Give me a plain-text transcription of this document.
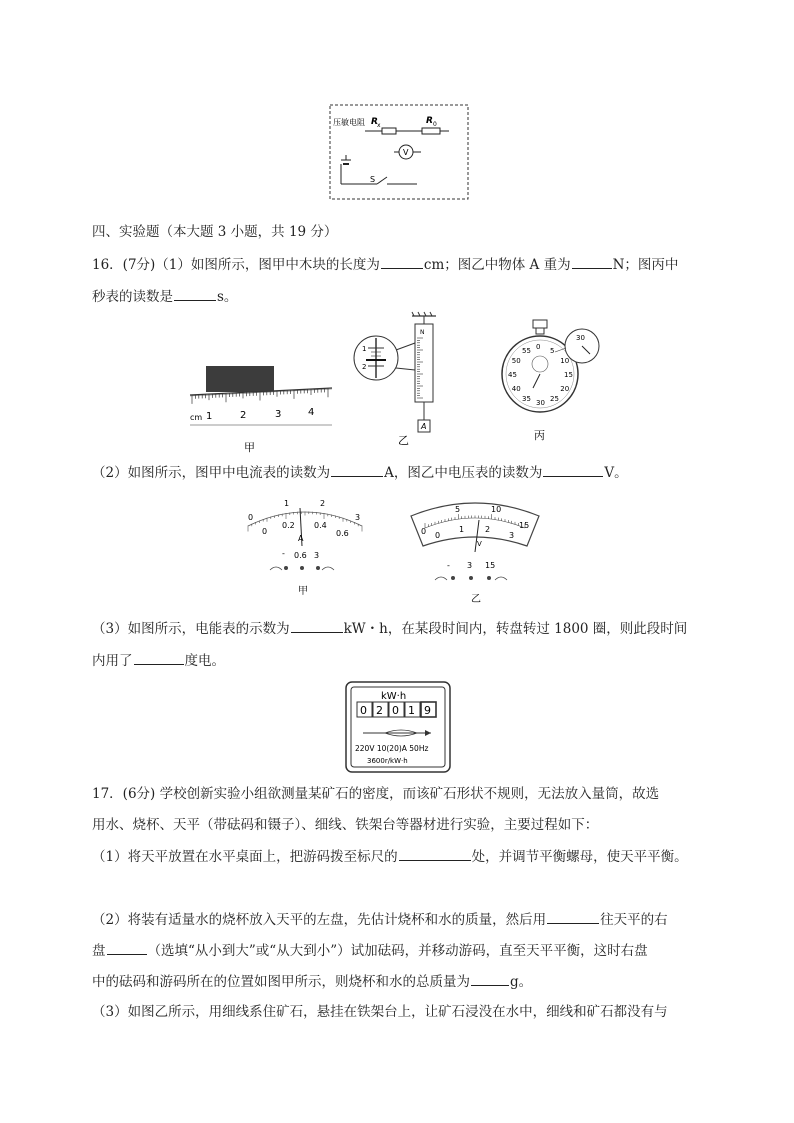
压敏电阻 R x	R 0
V
S
四、实验题（本大题 3 小题，共 19 分）
16．(7分)（1）如图所示，图甲中木块的长度为	cm；图乙中物体 A 重为	N；图丙中
秒表的读数是	s。
cm 1	2	3	4
甲
N
A
1
2
乙
0 5
10
15
20
25
30
35
40
45
50
55
30
丙
（2）如图所示，图甲中电流表的读数为	A，图乙中电压表的读数为	V。
0
1	2
3
0
0.2 0.4
0.6
A
- 0.6 3
甲
0
5	10
15
0
1	2
3
V
- 3 15
乙
（3）如图所示，电能表的示数为	kW・h，在某段时间内，转盘转过 1800 圈，则此段时间
内用了	度电。
kW·h
0 2 0 1 9
220V 10(20)A 50Hz
3600r/kW·h
17．(6分) 学校创新实验小组欲测量某矿石的密度，而该矿石形状不规则，无法放入量筒，故选
用水、烧杯、天平（带砝码和镊子）、细线、铁架台等器材进行实验，主要过程如下：
（1）将天平放置在水平桌面上，把游码拨至标尺的	处，并调节平衡螺母，使天平平衡。
（2）将装有适量水的烧杯放入天平的左盘，先估计烧杯和水的质量，然后用	往天平的右
盘	（选填“从小到大”或“从大到小”）试加砝码，并移动游码，直至天平平衡，这时右盘
中的砝码和游码所在的位置如图甲所示，则烧杯和水的总质量为	g。
（3）如图乙所示，用细线系住矿石，悬挂在铁架台上，让矿石浸没在水中，细线和矿石都没有与
